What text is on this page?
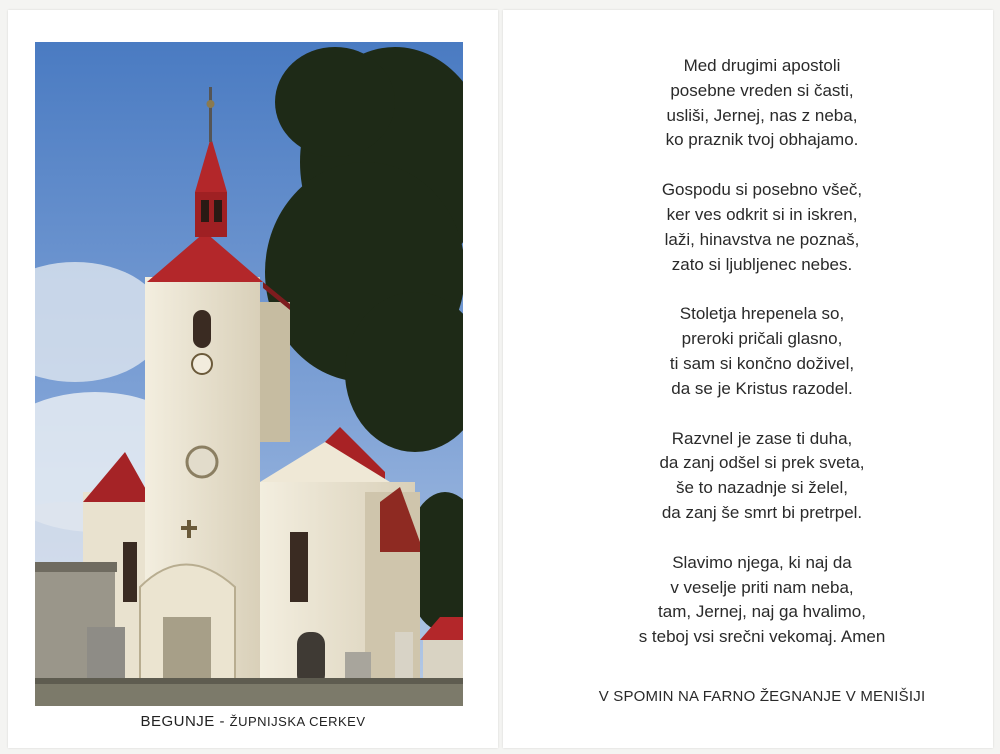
BEGUNJE - ŽUPNIJSKA CERKEV
Med drugimi apostoli
posebne vreden si časti,
usliši, Jernej, nas z neba,
ko praznik tvoj obhajamo.
Gospodu si posebno všeč,
ker ves odkrit si in iskren,
laži, hinavstva ne poznaš,
zato si ljubljenec nebes.
Stoletja hrepenela so,
preroki pričali glasno,
ti sam si končno doživel,
da se je Kristus razodel.
Razvnel je zase ti duha,
da zanj odšel si prek sveta,
še to nazadnje si želel,
da zanj še smrt bi pretrpel.
Slavimo njega, ki naj da
v veselje priti nam neba,
tam, Jernej, naj ga hvalimo,
s teboj vsi srečni vekomaj. Amen
V SPOMIN NA FARNO ŽEGNANJE V MENIŠIJI
